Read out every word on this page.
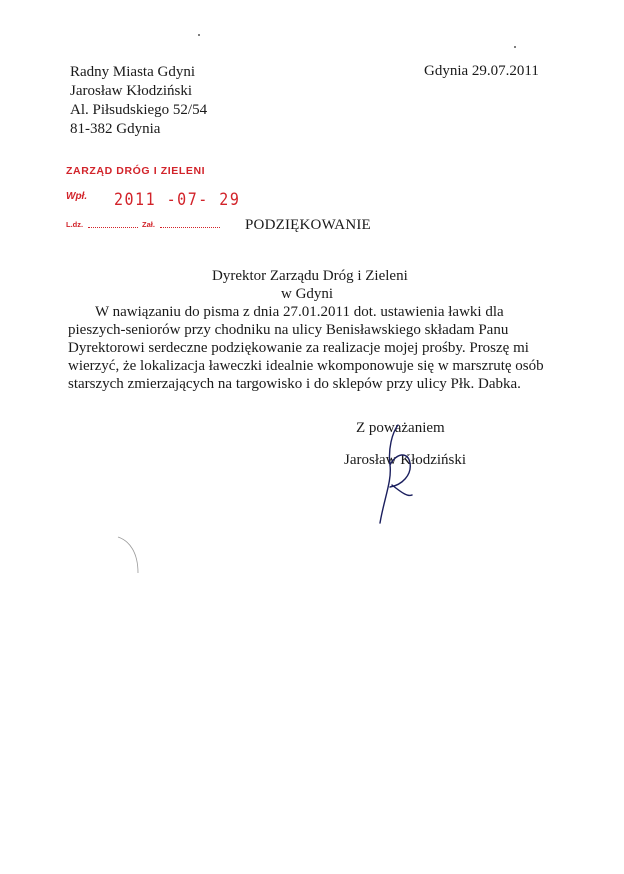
Radny Miasta Gdyni
Jarosław Kłodziński
Al. Piłsudskiego 52/54
81-382 Gdynia
Gdynia 29.07.2011
ZARZĄD DRÓG I ZIELENI
Wpł. 2011 -07- 29
L.dz.	Zał.	PODZIĘKOWANIE
Dyrektor Zarządu Dróg i Zieleni
w Gdyni
W nawiązaniu do pisma z dnia 27.01.2011 dot. ustawienia ławki dla
pieszych-seniorów przy chodniku na ulicy Benisławskiego składam Panu
Dyrektorowi serdeczne podziękowanie za realizacje mojej prośby. Proszę mi
wierzyć, że lokalizacja ławeczki idealnie wkomponowuje się w marszrutę osób
starszych zmierzających na targowisko i do sklepów przy ulicy Płk. Dabka.
Z poważaniem
Jarosław Kłodziński
